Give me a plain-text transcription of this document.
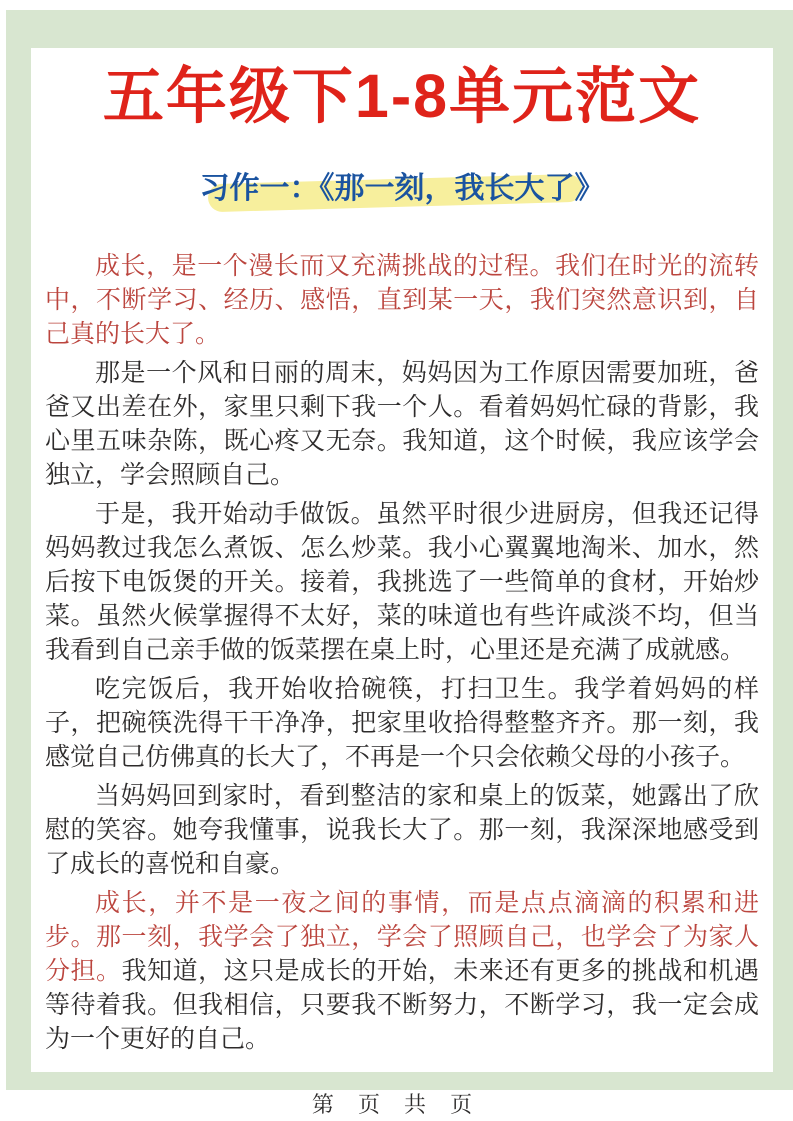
五年级下1-8单元范文
习作一：《那一刻，我长大了》

成长，是一个漫长而又充满挑战的过程。我们在时光的流转中，不断学习、经历、感悟，直到某一天，我们突然意识到，自己真的长大了。

那是一个风和日丽的周末，妈妈因为工作原因需要加班，爸爸又出差在外，家里只剩下我一个人。看着妈妈忙碌的背影，我心里五味杂陈，既心疼又无奈。我知道，这个时候，我应该学会独立，学会照顾自己。

于是，我开始动手做饭。虽然平时很少进厨房，但我还记得妈妈教过我怎么煮饭、怎么炒菜。我小心翼翼地淘米、加水，然后按下电饭煲的开关。接着，我挑选了一些简单的食材，开始炒菜。虽然火候掌握得不太好，菜的味道也有些许咸淡不均，但当我看到自己亲手做的饭菜摆在桌上时，心里还是充满了成就感。

吃完饭后，我开始收拾碗筷，打扫卫生。我学着妈妈的样子，把碗筷洗得干干净净，把家里收拾得整整齐齐。那一刻，我感觉自己仿佛真的长大了，不再是一个只会依赖父母的小孩子。

当妈妈回到家时，看到整洁的家和桌上的饭菜，她露出了欣慰的笑容。她夸我懂事，说我长大了。那一刻，我深深地感受到了成长的喜悦和自豪。

成长，并不是一夜之间的事情，而是点点滴滴的积累和进步。那一刻，我学会了独立，学会了照顾自己，也学会了为家人分担。我知道，这只是成长的开始，未来还有更多的挑战和机遇等待着我。但我相信，只要我不断努力，不断学习，我一定会成为一个更好的自己。

第 页 共 页
